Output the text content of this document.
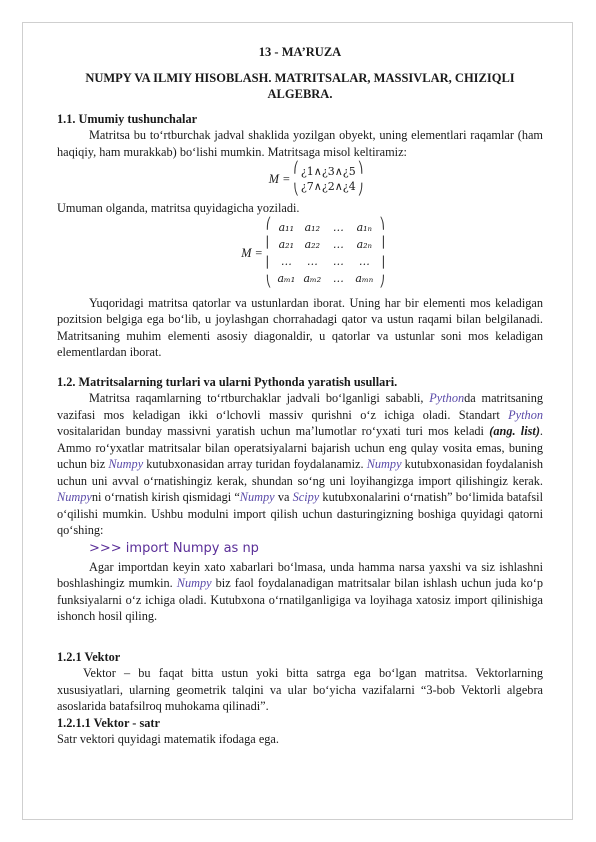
13 - MA’RUZA
NUMPY VA ILMIY HISOBLASH. MATRITSALAR, MASSIVLAR, CHIZIQLI ALGEBRA.
1.1. Umumiy tushunchalar

Matritsa bu to‘rtburchak jadval shaklida yozilgan obyekt, uning elementlari raqamlar (ham haqiqiy, ham murakkab) bo‘lishi mumkin. Matritsaga misol keltiramiz:

M =
⎛
⎝
¿1∧¿3∧¿5
¿7∧¿2∧¿4
⎞
⎠

Umuman olganda, matritsa quyidagicha yoziladi.

M =
⎛
⎜
⎜
⎝
a₁₁ a₁₂	…	a₁ₙ
a₂₁ a₂₂	…	a₂ₙ
…	…	…	…
aₘ₁ aₘ₂	…	aₘₙ
⎞
⎟
⎟
⎠

Yuqoridagi matritsa qatorlar va ustunlardan iborat. Uning har bir elementi mos keladigan pozitsion belgiga ega bo‘lib, u joylashgan chorrahadagi qator va ustun raqami bilan belgilanadi. Matritsaning muhim elementi asosiy diagonaldir, u qatorlar va ustunlar soni mos keladigan elementlardan iborat.

1.2. Matritsalarning turlari va ularni Pythonda yaratish usullari.

Matritsa raqamlarning to‘rtburchaklar jadvali bo‘lganligi sababli, Pythonda matritsaning vazifasi mos keladigan ikki o‘lchovli massiv qurishni o‘z ichiga oladi. Standart Python vositalaridan bunday massivni yaratish uchun ma’lumotlar ro‘yxati turi mos keladi (ang. list). Ammo ro‘yxatlar matritsalar bilan operatsiyalarni bajarish uchun eng qulay vosita emas, buning uchun biz Numpy kutubxonasidan array turidan foydalanamiz. Numpy kutubxonasidan foydalanish uchun uni avval o‘rnatishingiz kerak, shundan so‘ng uni loyihangizga import qilishingiz kerak. Numpyni o‘rnatish kirish qismidagi “Numpy va Scipy kutubxonalarini o‘rnatish” bo‘limida batafsil o‘qilishi mumkin. Ushbu modulni import qilish uchun dasturingizning boshiga quyidagi qatorni qo‘shing:

>>> import Numpy as np

Agar importdan keyin xato xabarlari bo‘lmasa, unda hamma narsa yaxshi va siz ishlashni boshlashingiz mumkin. Numpy biz faol foydalanadigan matritsalar bilan ishlash uchun juda ko‘p funksiyalarni o‘z ichiga oladi. Kutubxona o‘rnatilganligiga va loyihaga xatosiz import qilinishiga ishonch hosil qiling.

1.2.1 Vektor

Vektor – bu faqat bitta ustun yoki bitta satrga ega bo‘lgan matritsa. Vektorlarning xususiyatlari, ularning geometrik talqini va ular bo‘yicha vazifalarni “3-bob Vektorli algebra asoslarida batafsilroq muhokama qilinadi”.

1.2.1.1 Vektor - satr

Satr vektori quyidagi matematik ifodaga ega.
